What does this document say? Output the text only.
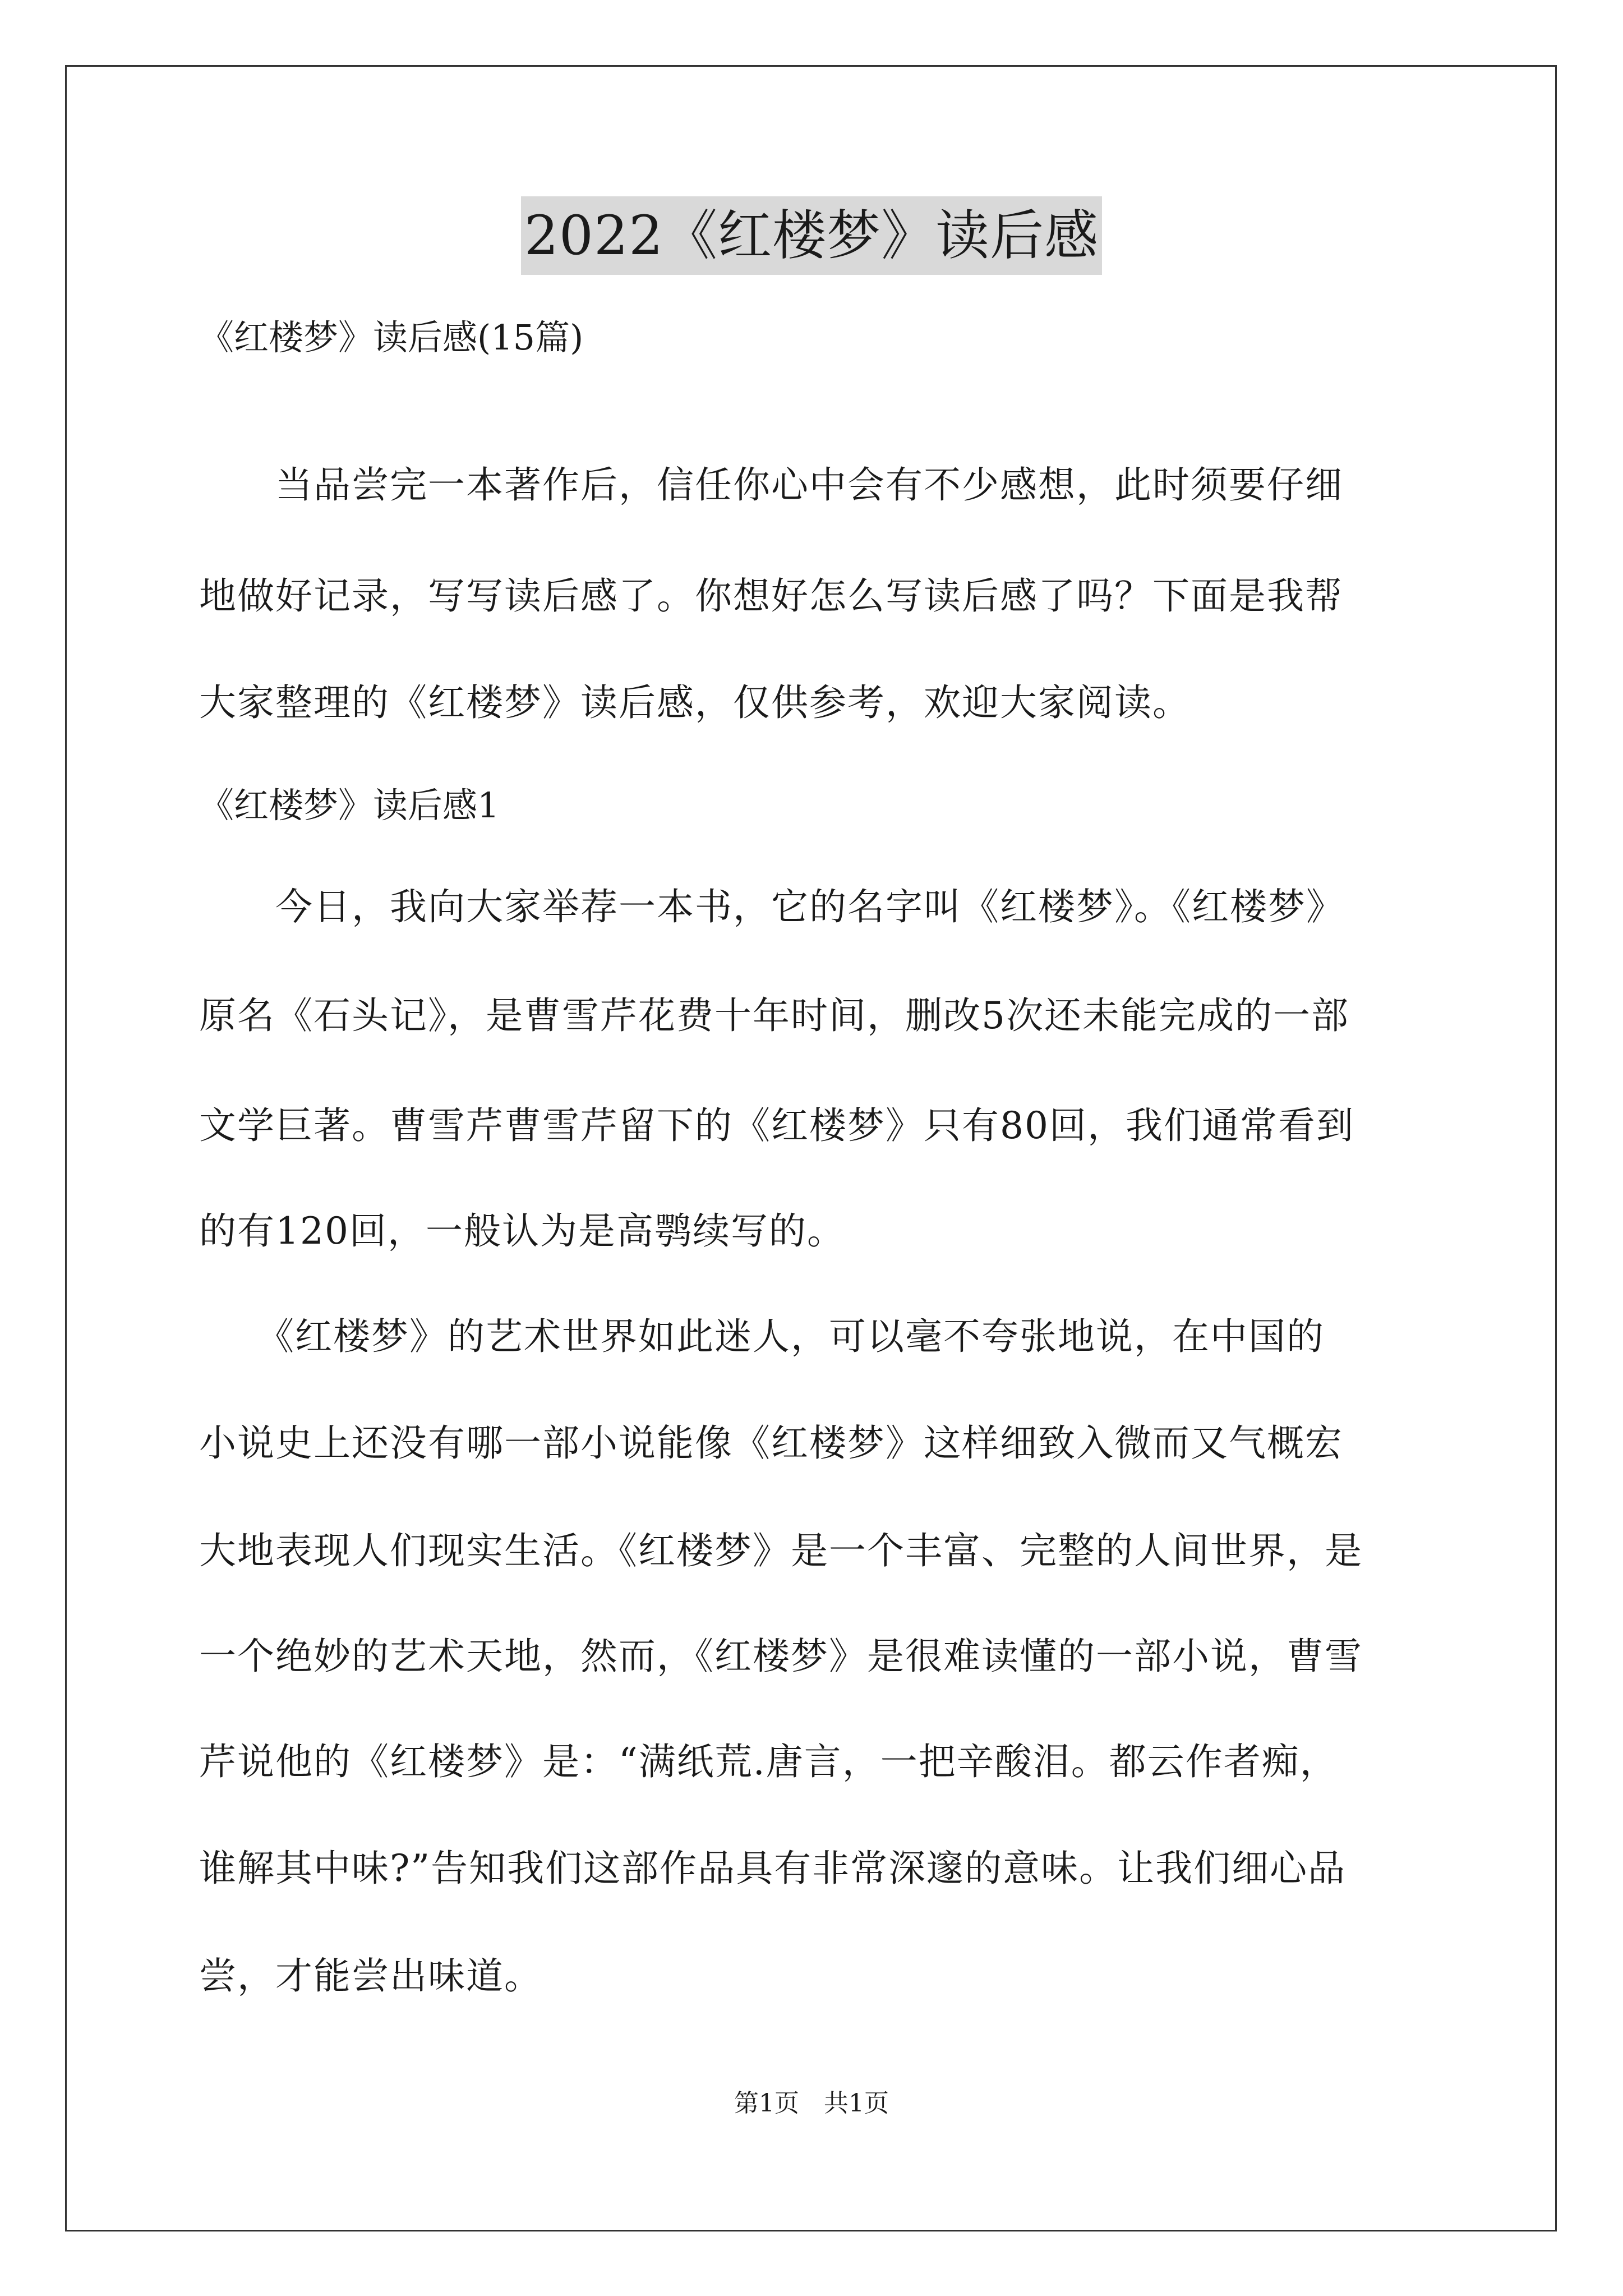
2022《红楼梦》读后感
《红楼梦》读后感(15篇)
　　当品尝完一本著作后，信任你心中会有不少感想，此时须要仔细
地做好记录，写写读后感了。你想好怎么写读后感了吗？下面是我帮
大家整理的《红楼梦》读后感，仅供参考，欢迎大家阅读。
《红楼梦》读后感1
　　今日，我向大家举荐一本书，它的名字叫《红楼梦》。《红楼梦》
原名《石头记》，是曹雪芹花费十年时间，删改5次还未能完成的一部
文学巨著。曹雪芹曹雪芹留下的《红楼梦》只有80回，我们通常看到
的有120回，一般认为是高鹗续写的。
　　《红楼梦》的艺术世界如此迷人，可以毫不夸张地说，在中国的
小说史上还没有哪一部小说能像《红楼梦》这样细致入微而又气概宏
大地表现人们现实生活。《红楼梦》是一个丰富、完整的人间世界，是
一个绝妙的艺术天地，然而，《红楼梦》是很难读懂的一部小说，曹雪
芹说他的《红楼梦》是：“满纸荒.唐言，一把辛酸泪。都云作者痴，
谁解其中味?”告知我们这部作品具有非常深邃的意味。让我们细心品
尝，才能尝出味道。
第1页　共1页
